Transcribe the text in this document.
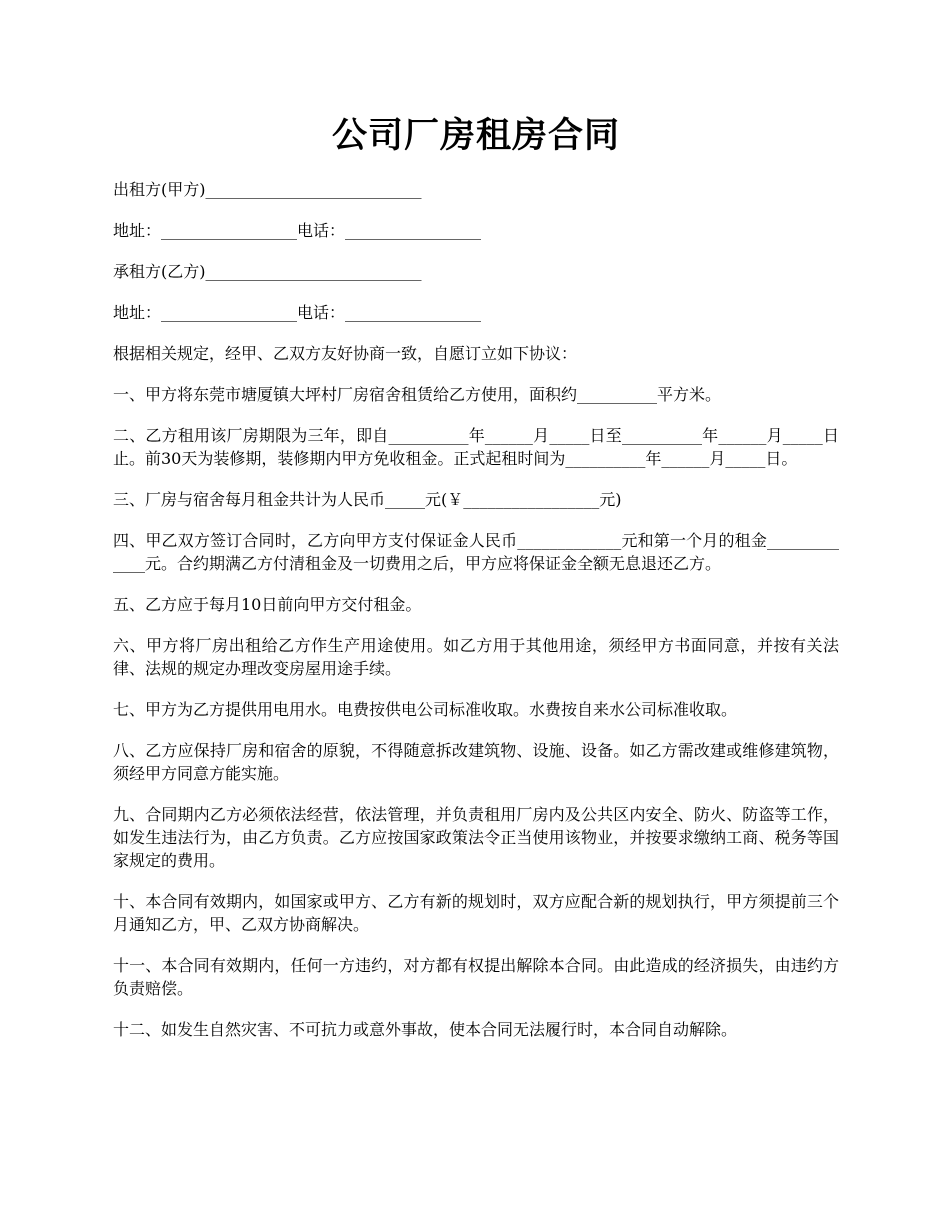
公司厂房租房合同

出租方(甲方)___________________________

地址：_________________电话：_________________

承租方(乙方)___________________________

地址：_________________电话：_________________

根据相关规定，经甲、乙双方友好协商一致，自愿订立如下协议：

一、甲方将东莞市塘厦镇大坪村厂房宿舍租赁给乙方使用，面积约__________平方米。

二、乙方租用该厂房期限为三年，即自__________年______月_____日至__________年______月_____日止。前30天为装修期，装修期内甲方免收租金。正式起租时间为__________年______月_____日。

三、厂房与宿舍每月租金共计为人民币_____元(￥_________________元)

四、甲乙双方签订合同时，乙方向甲方支付保证金人民币_____________元和第一个月的租金_____________元。合约期满乙方付清租金及一切费用之后，甲方应将保证金全额无息退还乙方。

五、乙方应于每月10日前向甲方交付租金。

六、甲方将厂房出租给乙方作生产用途使用。如乙方用于其他用途，须经甲方书面同意，并按有关法律、法规的规定办理改变房屋用途手续。

七、甲方为乙方提供用电用水。电费按供电公司标准收取。水费按自来水公司标准收取。

八、乙方应保持厂房和宿舍的原貌，不得随意拆改建筑物、设施、设备。如乙方需改建或维修建筑物，须经甲方同意方能实施。

九、合同期内乙方必须依法经营，依法管理，并负责租用厂房内及公共区内安全、防火、防盗等工作，如发生违法行为，由乙方负责。乙方应按国家政策法令正当使用该物业，并按要求缴纳工商、税务等国家规定的费用。

十、本合同有效期内，如国家或甲方、乙方有新的规划时，双方应配合新的规划执行，甲方须提前三个月通知乙方，甲、乙双方协商解决。

十一、本合同有效期内，任何一方违约，对方都有权提出解除本合同。由此造成的经济损失，由违约方负责赔偿。

十二、如发生自然灾害、不可抗力或意外事故，使本合同无法履行时，本合同自动解除。
